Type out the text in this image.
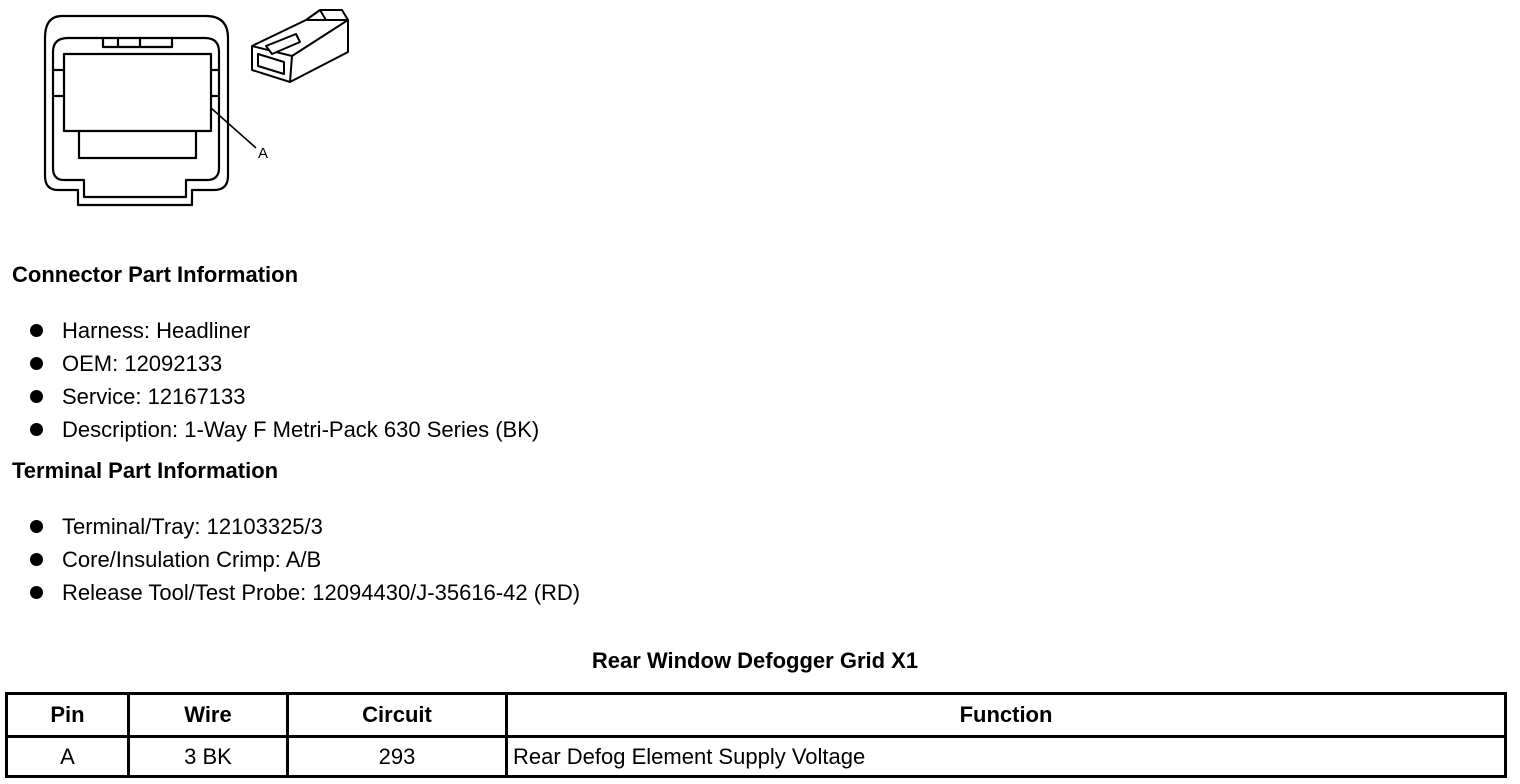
A
Connector Part Information
Harness: Headliner
OEM: 12092133
Service: 12167133
Description: 1-Way F Metri-Pack 630 Series (BK)
Terminal Part Information
Terminal/Tray: 12103325/3
Core/Insulation Crimp: A/B
Release Tool/Test Probe: 12094430/J-35616-42 (RD)
Rear Window Defogger Grid X1
Pin	Wire	Circuit	Function
A	3 BK	293	Rear Defog Element Supply Voltage
